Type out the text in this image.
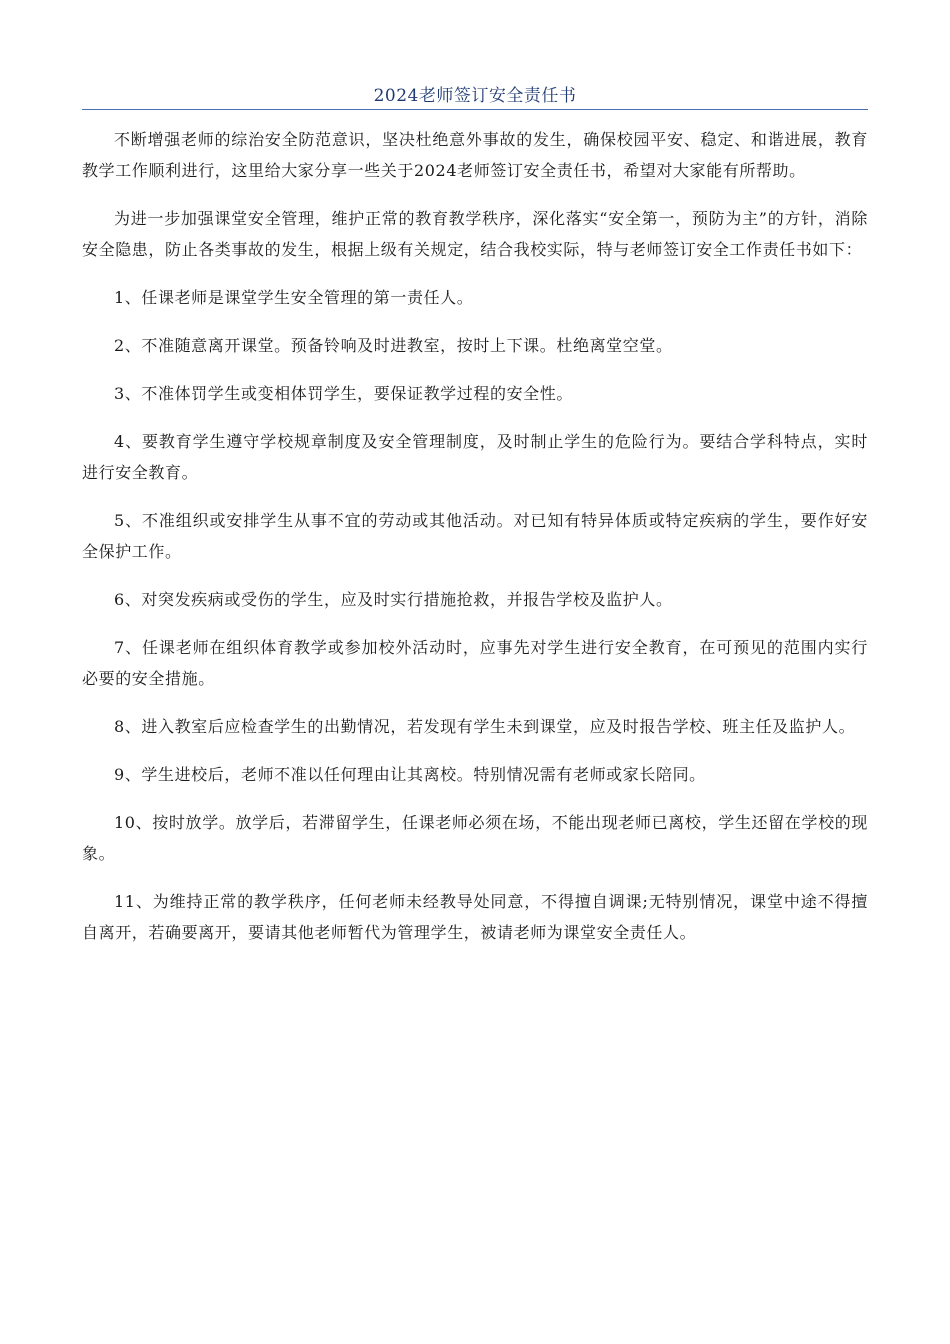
2024老师签订安全责任书

不断增强老师的综治安全防范意识，坚决杜绝意外事故的发生，确保校园平安、稳定、和谐进展，教育教学工作顺利进行，这里给大家分享一些关于2024老师签订安全责任书，希望对大家能有所帮助。

为进一步加强课堂安全管理，维护正常的教育教学秩序，深化落实“安全第一，预防为主”的方针，消除安全隐患，防止各类事故的发生，根据上级有关规定，结合我校实际，特与老师签订安全工作责任书如下：

1、任课老师是课堂学生安全管理的第一责任人。

2、不准随意离开课堂。预备铃响及时进教室，按时上下课。杜绝离堂空堂。

3、不准体罚学生或变相体罚学生，要保证教学过程的安全性。

4、要教育学生遵守学校规章制度及安全管理制度，及时制止学生的危险行为。要结合学科特点，实时进行安全教育。

5、不准组织或安排学生从事不宜的劳动或其他活动。对已知有特异体质或特定疾病的学生，要作好安全保护工作。

6、对突发疾病或受伤的学生，应及时实行措施抢救，并报告学校及监护人。

7、任课老师在组织体育教学或参加校外活动时，应事先对学生进行安全教育，在可预见的范围内实行必要的安全措施。

8、进入教室后应检查学生的出勤情况，若发现有学生未到课堂，应及时报告学校、班主任及监护人。

9、学生进校后，老师不准以任何理由让其离校。特别情况需有老师或家长陪同。

10、按时放学。放学后，若滞留学生，任课老师必须在场，不能出现老师已离校，学生还留在学校的现象。

11、为维持正常的教学秩序，任何老师未经教导处同意，不得擅自调课;无特别情况，课堂中途不得擅自离开，若确要离开，要请其他老师暂代为管理学生，被请老师为课堂安全责任人。
